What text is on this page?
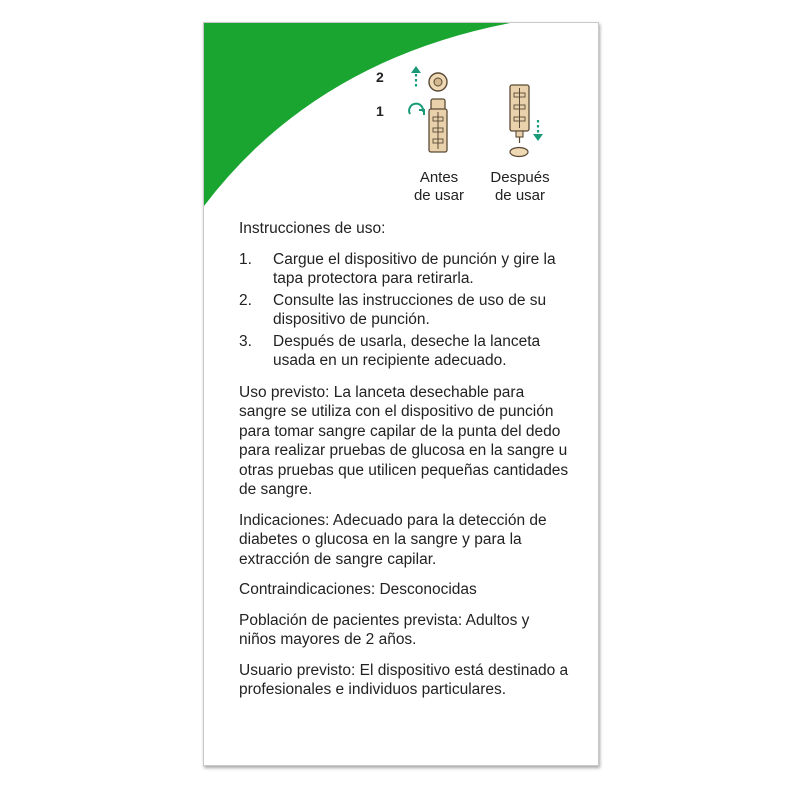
2
1
Antes
de usar
Después
de usar

Instrucciones de uso:

1.	Cargue el dispositivo de punción y gire la tapa protectora para retirarla.
2.	Consulte las instrucciones de uso de su dispositivo de punción.
3.	Después de usarla, deseche la lanceta usada en un recipiente adecuado.

Uso previsto: La lanceta desechable para sangre se utiliza con el dispositivo de punción para tomar sangre capilar de la punta del dedo para realizar pruebas de glucosa en la sangre u otras pruebas que utilicen pequeñas cantidades de sangre.

Indicaciones: Adecuado para la detección de diabetes o glucosa en la sangre y para la extracción de sangre capilar.

Contraindicaciones: Desconocidas

Población de pacientes prevista: Adultos y niños mayores de 2 años.

Usuario previsto: El dispositivo está destinado a profesionales e individuos particulares.
